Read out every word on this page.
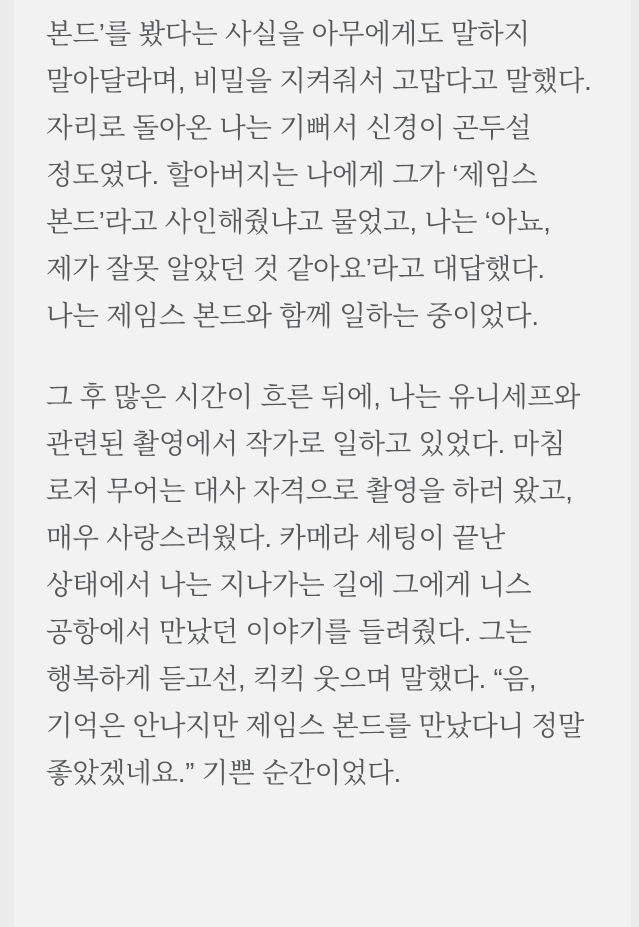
본드’를 봤다는 사실을 아무에게도 말하지 말아달라며, 비밀을 지켜줘서 고맙다고 말했다. 자리로 돌아온 나는 기뻐서 신경이 곤두설 정도였다. 할아버지는 나에게 그가 ‘제임스 본드’라고 사인해줬냐고 물었고, 나는 ‘아뇨, 제가 잘못 알았던 것 같아요’라고 대답했다. 나는 제임스 본드와 함께 일하는 중이었다.

그 후 많은 시간이 흐른 뒤에, 나는 유니세프와 관련된 촬영에서 작가로 일하고 있었다. 마침 로저 무어는 대사 자격으로 촬영을 하러 왔고, 매우 사랑스러웠다. 카메라 세팅이 끝난 상태에서 나는 지나가는 길에 그에게 니스 공항에서 만났던 이야기를 들려줬다. 그는 행복하게 듣고선, 킥킥 웃으며 말했다. “음, 기억은 안나지만 제임스 본드를 만났다니 정말 좋았겠네요.” 기쁜 순간이었다.
